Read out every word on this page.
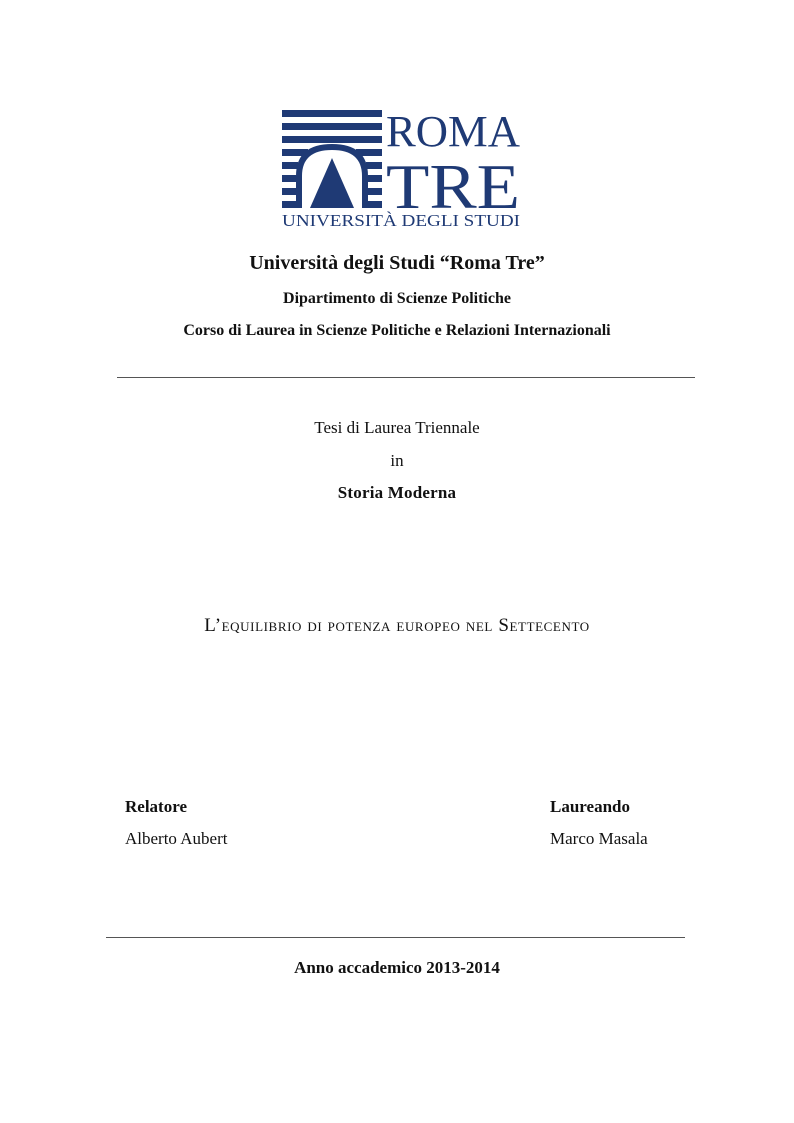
ROMA
TRE
UNIVERSITÀ DEGLI STUDI
Università degli Studi “Roma Tre”
Dipartimento di Scienze Politiche
Corso di Laurea in Scienze Politiche e Relazioni Internazionali
Tesi di Laurea Triennale
in
Storia Moderna
L’equilibrio di potenza europeo nel Settecento
Relatore
Alberto Aubert
Laureando
Marco Masala
Anno accademico 2013-2014
